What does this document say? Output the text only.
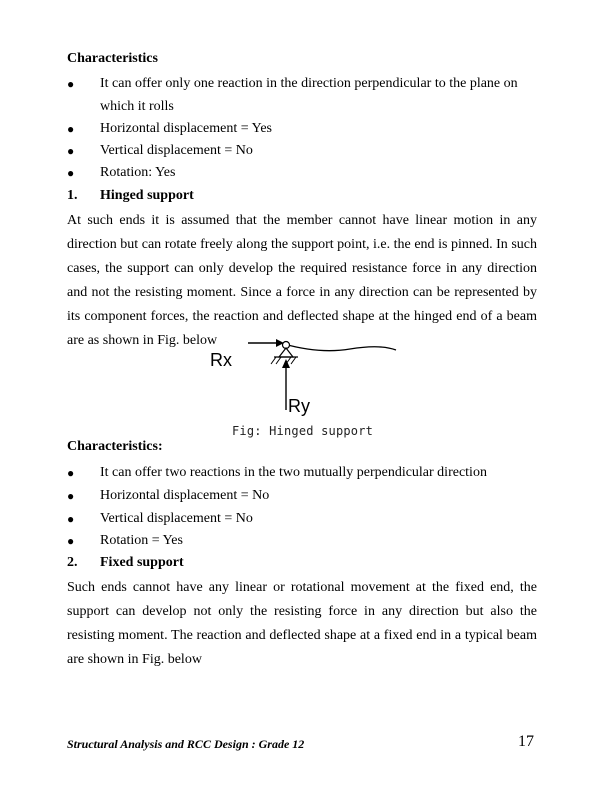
Characteristics
● It can offer only one reaction in the direction perpendicular to the plane on
which it rolls
● Horizontal displacement = Yes
● Vertical displacement = No
● Rotation: Yes
1. Hinged support
At such ends it is assumed that the member cannot have linear motion in any
direction but can rotate freely along the support point, i.e. the end is pinned. In such
cases, the support can only develop the required resistance force in any direction
and not the resisting moment. Since a force in any direction can be represented by
its component forces, the reaction and deflected shape at the hinged end of a beam
are as shown in Fig. below
Rx
Ry
Fig: Hinged support
Characteristics:
● It can offer two reactions in the two mutually perpendicular direction
● Horizontal displacement = No
● Vertical displacement = No
● Rotation = Yes
2. Fixed support
Such ends cannot have any linear or rotational movement at the fixed end, the
support can develop not only the resisting force in any direction but also the
resisting moment. The reaction and deflected shape at a fixed end in a typical beam
are shown in Fig. below
Structural Analysis and RCC Design : Grade 12	17
